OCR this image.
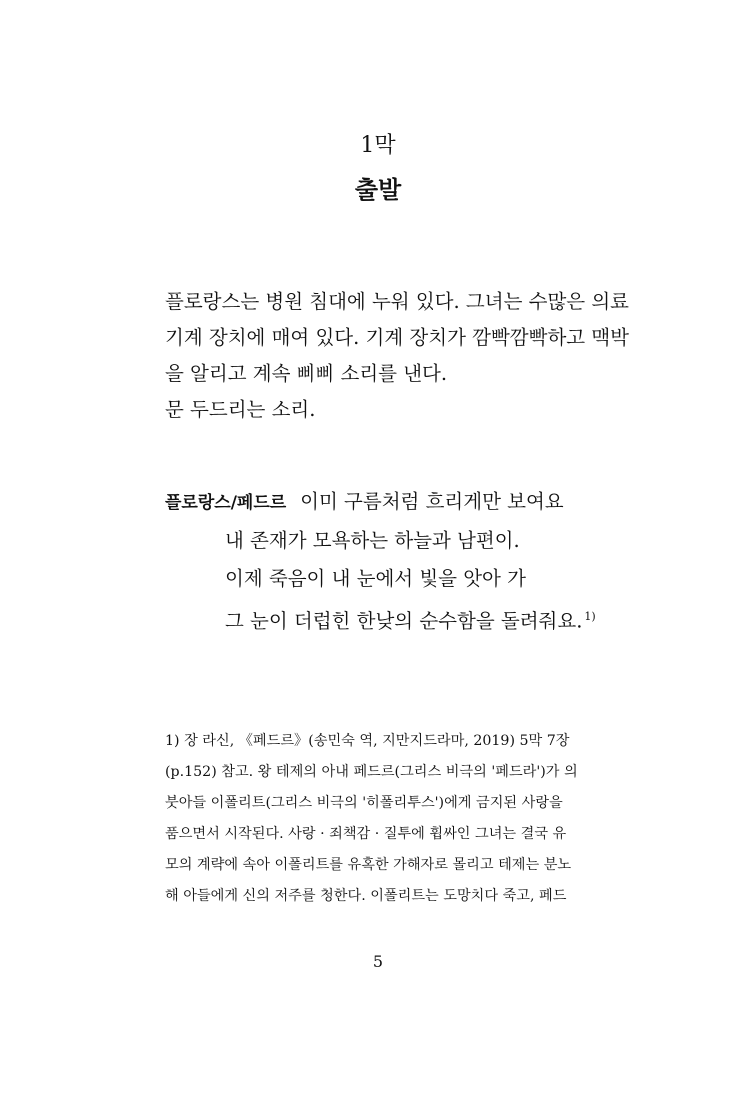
1막
출발
플로랑스는 병원 침대에 누워 있다. 그녀는 수많은 의료
기계 장치에 매여 있다. 기계 장치가 깜빡깜빡하고 맥박
을 알리고 계속 삐삐 소리를 낸다.
문 두드리는 소리.
플로랑스/페드르 이미 구름처럼 흐리게만 보여요
내 존재가 모욕하는 하늘과 남편이.
이제 죽음이 내 눈에서 빛을 앗아 가
그 눈이 더럽힌 한낮의 순수함을 돌려줘요. $^{1)}$
1) 장 라신, 《페드르》(송민숙 역, 지만지드라마, 2019) 5막 7장
(p.152) 참고. 왕 테제의 아내 페드르(그리스 비극의 '페드라')가 의
붓아들 이폴리트(그리스 비극의 '히폴리투스')에게 금지된 사랑을
품으면서 시작된다. 사랑 · 죄책감 · 질투에 휩싸인 그녀는 결국 유
모의 계략에 속아 이폴리트를 유혹한 가해자로 몰리고 테제는 분노
해 아들에게 신의 저주를 청한다. 이폴리트는 도망치다 죽고, 페드
5
